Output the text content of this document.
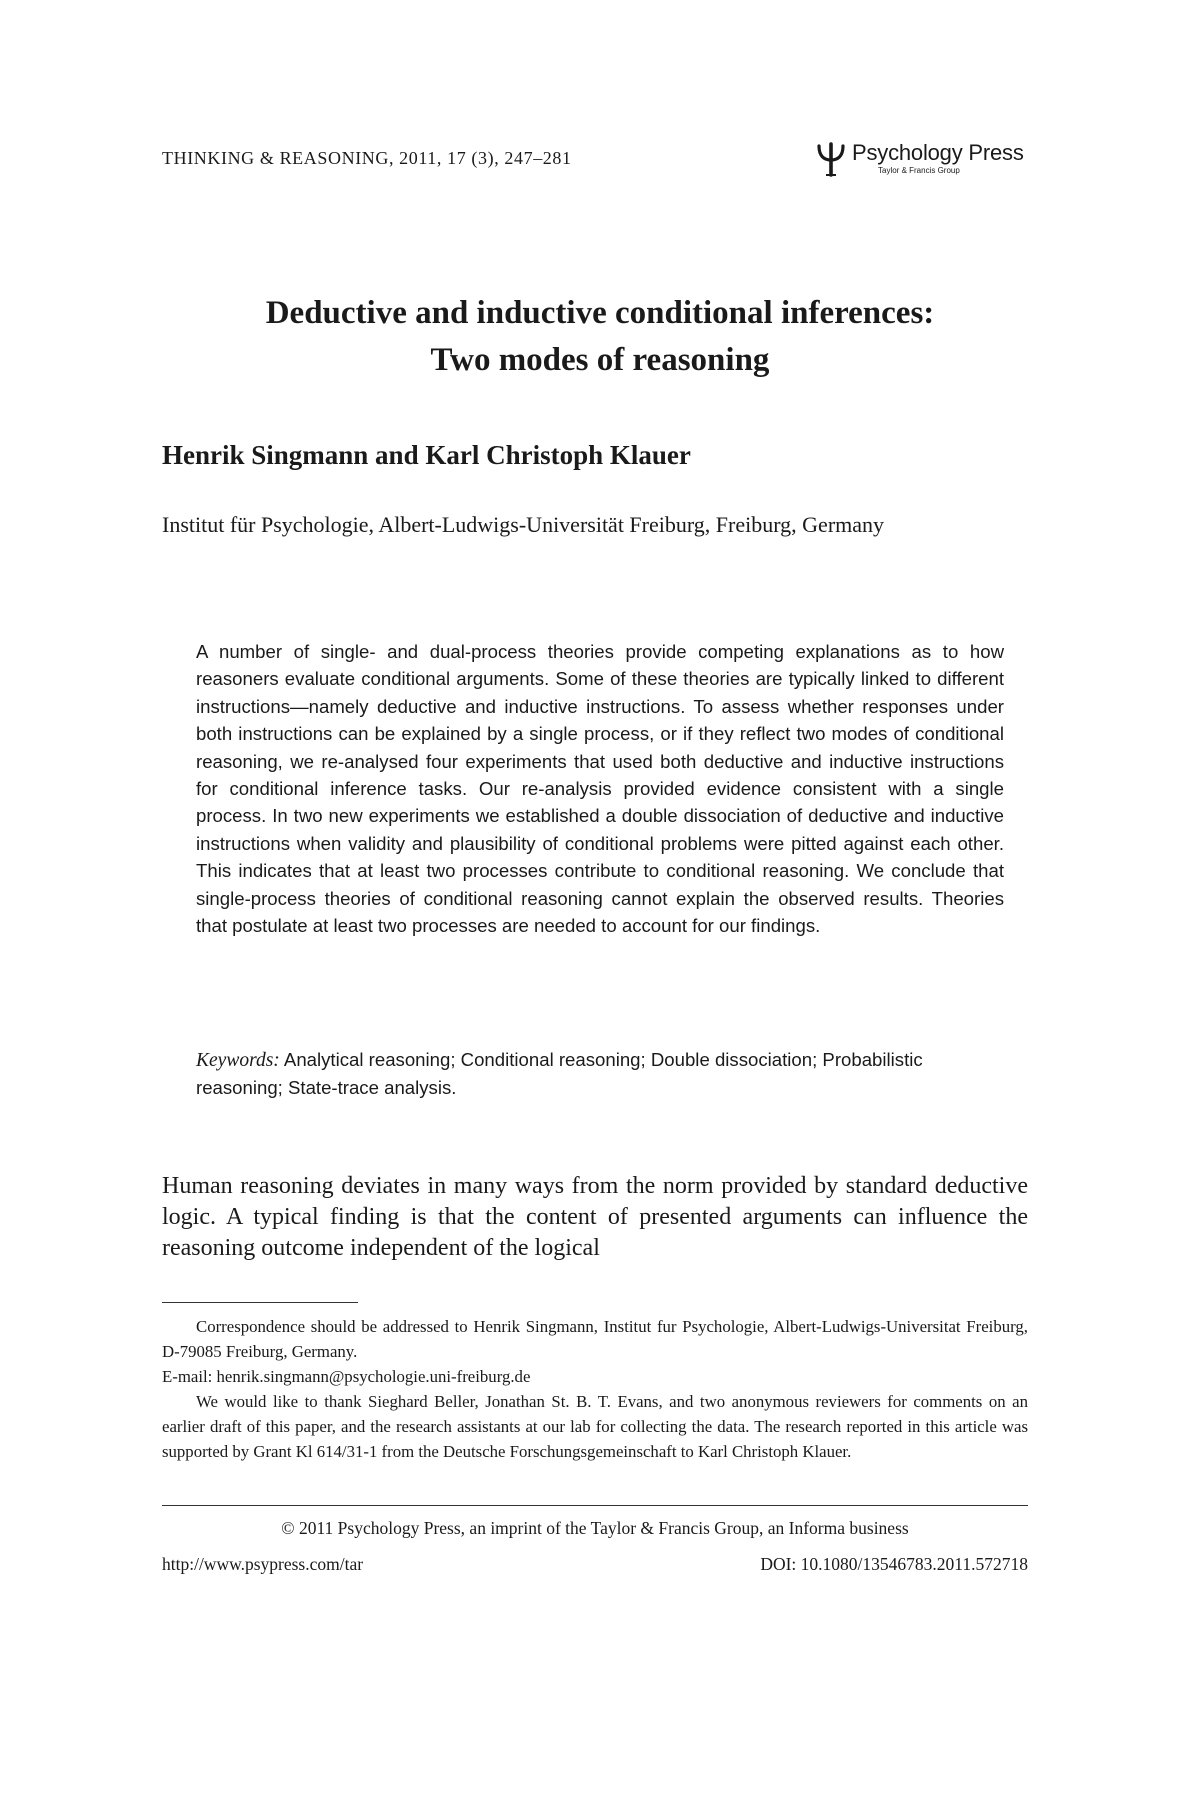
THINKING & REASONING, 2011, 17 (3), 247–281	Psychology Press
Taylor & Francis Group
Deductive and inductive conditional inferences:
Two modes of reasoning

Henrik Singmann and Karl Christoph Klauer

Institut für Psychologie, Albert-Ludwigs-Universität Freiburg, Freiburg, Germany

A number of single- and dual-process theories provide competing explanations as to how reasoners evaluate conditional arguments. Some of these theories are typically linked to different instructions—namely deductive and inductive instructions. To assess whether responses under both instructions can be explained by a single process, or if they reflect two modes of conditional reasoning, we re-analysed four experiments that used both deductive and inductive instructions for conditional inference tasks. Our re-analysis provided evidence consistent with a single process. In two new experiments we established a double dissociation of deductive and inductive instructions when validity and plausibility of conditional problems were pitted against each other. This indicates that at least two processes contribute to conditional reasoning. We conclude that single-process theories of conditional reasoning cannot explain the observed results. Theories that postulate at least two processes are needed to account for our findings.

Keywords: Analytical reasoning; Conditional reasoning; Double dissociation; Probabilistic reasoning; State-trace analysis.

Human reasoning deviates in many ways from the norm provided by standard deductive logic. A typical finding is that the content of presented arguments can influence the reasoning outcome independent of the logical

Correspondence should be addressed to Henrik Singmann, Institut fur Psychologie, Albert-Ludwigs-Universitat Freiburg, D-79085 Freiburg, Germany.

E-mail: henrik.singmann@psychologie.uni-freiburg.de

We would like to thank Sieghard Beller, Jonathan St. B. T. Evans, and two anonymous reviewers for comments on an earlier draft of this paper, and the research assistants at our lab for collecting the data. The research reported in this article was supported by Grant Kl 614/31-1 from the Deutsche Forschungsgemeinschaft to Karl Christoph Klauer.

© 2011 Psychology Press, an imprint of the Taylor & Francis Group, an Informa business

http://www.psypress.com/tar	DOI: 10.1080/13546783.2011.572718
